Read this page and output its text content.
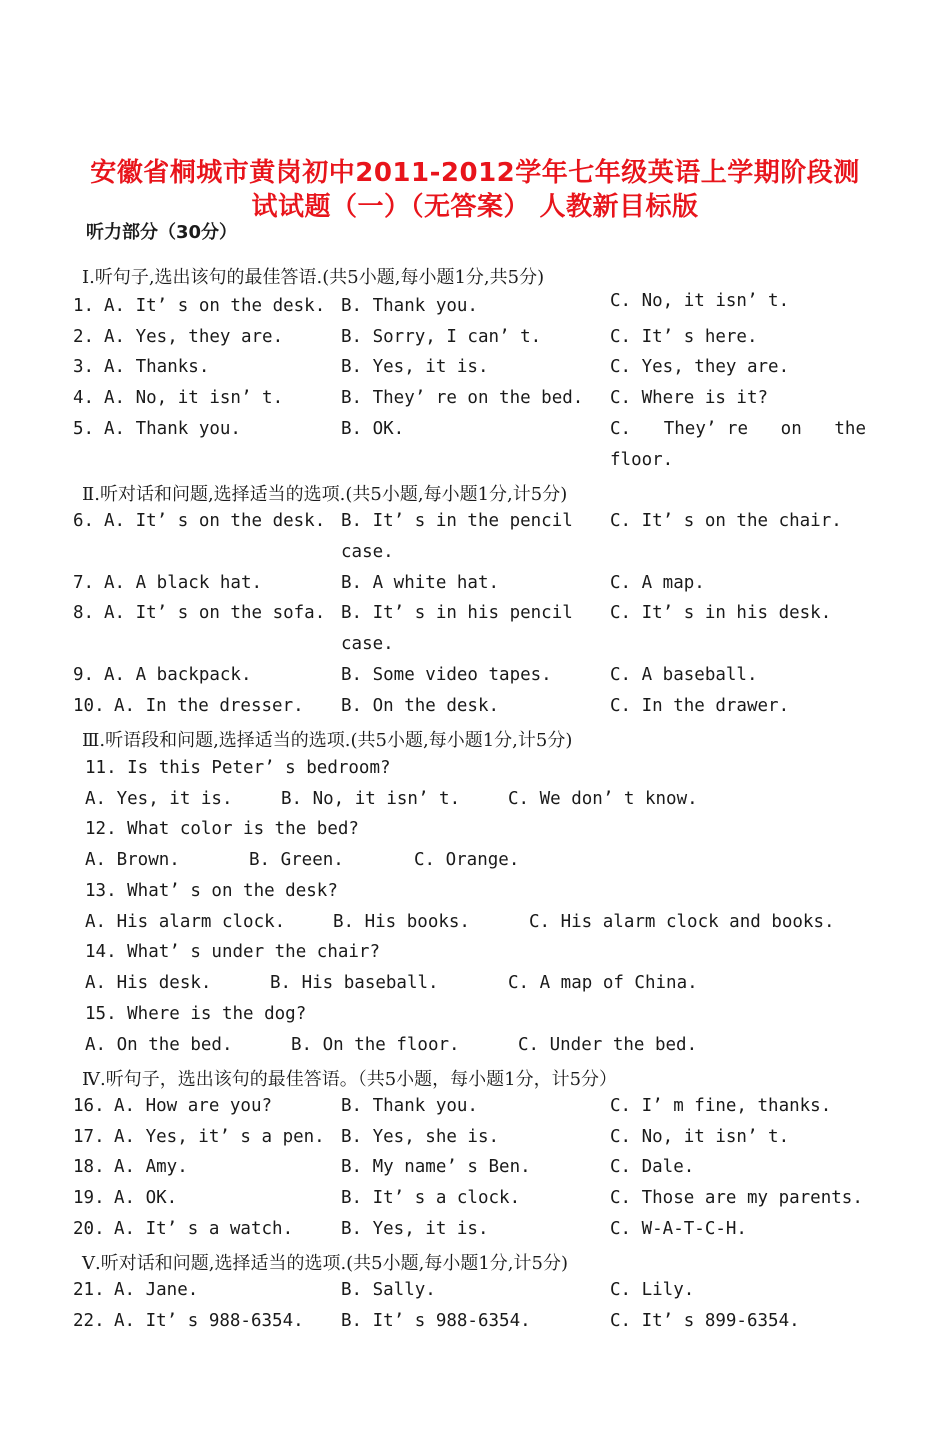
安徽省桐城市黄岗初中2011-2012学年七年级英语上学期阶段测
试试题（一）（无答案） 人教新目标版
听力部分（30分）
Ⅰ.听句子,选出该句的最佳答语.(共5小题,每小题1分,共5分)
1. A. It’ s on the desk. B. Thank you.	C. No, it isn’ t.
2. A. Yes, they are.	B. Sorry, I can’ t.	C. It’ s here.
3. A. Thanks.	B. Yes, it is.	C. Yes, they are.
4. A. No, it isn’ t.	B. They’ re on the bed. C. Where is it?
5. A. Thank you.	B. OK.	C. They’ re on the
floor.
Ⅱ.听对话和问题,选择适当的选项.(共5小题,每小题1分,计5分)
6. A. It’ s on the desk. B. It’ s in the pencil C. It’ s on the chair.
case.
7. A. A black hat.	B. A white hat.	C. A map.
8. A. It’ s on the sofa. B. It’ s in his pencil C. It’ s in his desk.
case.
9. A. A backpack.	B. Some video tapes.	C. A baseball.
10. A. In the dresser. B. On the desk.	C. In the drawer.
Ⅲ.听语段和问题,选择适当的选项.(共5小题,每小题1分,计5分)
11. Is this Peter’ s bedroom?
A. Yes, it is.	B. No, it isn’ t.	C. We don’ t know.
12. What color is the bed?
A. Brown.	B. Green.	C. Orange.
13. What’ s on the desk?
A. His alarm clock.	B. His books.	C. His alarm clock and books.
14. What’ s under the chair?
A. His desk.	B. His baseball.	C. A map of China.
15. Where is the dog?
A. On the bed.	B. On the floor.	C. Under the bed.
Ⅳ.听句子，选出该句的最佳答语。（共5小题，每小题1分，计5分）
16. A. How are you?	B. Thank you.	C. I’ m fine, thanks.
17. A. Yes, it’ s a pen. B. Yes, she is.	C. No, it isn’ t.
18. A. Amy.	B. My name’ s Ben.	C. Dale.
19. A. OK.	B. It’ s a clock.	C. Those are my parents.
20. A. It’ s a watch.	B. Yes, it is.	C. W-A-T-C-H.
Ⅴ.听对话和问题,选择适当的选项.(共5小题,每小题1分,计5分)
21. A. Jane.	B. Sally.	C. Lily.
22. A. It’ s 988-6354. B. It’ s 988-6354.	C. It’ s 899-6354.
